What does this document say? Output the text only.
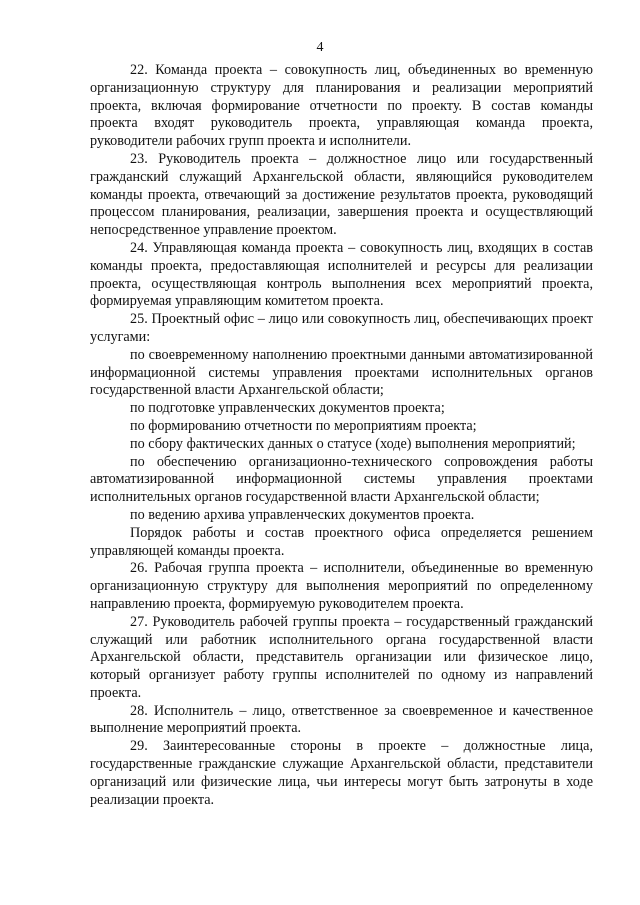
4

22. Команда проекта – совокупность лиц, объединенных во временную организационную структуру для планирования и реализации мероприятий проекта, включая формирование отчетности по проекту. В состав команды проекта входят руководитель проекта, управляющая команда проекта, руководители рабочих групп проекта и исполнители.

23. Руководитель проекта – должностное лицо или государственный гражданский служащий Архангельской области, являющийся руководителем команды проекта, отвечающий за достижение результатов проекта, руководящий процессом планирования, реализации, завершения проекта и осуществляющий непосредственное управление проектом.

24. Управляющая команда проекта – совокупность лиц, входящих в состав команды проекта, предоставляющая исполнителей и ресурсы для реализации проекта, осуществляющая контроль выполнения всех мероприятий проекта, формируемая управляющим комитетом проекта.

25. Проектный офис – лицо или совокупность лиц, обеспечивающих проект услугами:

по своевременному наполнению проектными данными автоматизированной информационной системы управления проектами исполнительных органов государственной власти Архангельской области;

по подготовке управленческих документов проекта;

по формированию отчетности по мероприятиям проекта;

по сбору фактических данных о статусе (ходе) выполнения мероприятий;

по обеспечению организационно-технического сопровождения работы автоматизированной информационной системы управления проектами исполнительных органов государственной власти Архангельской области;

по ведению архива управленческих документов проекта.

Порядок работы и состав проектного офиса определяется решением управляющей команды проекта.

26. Рабочая группа проекта – исполнители, объединенные во временную организационную структуру для выполнения мероприятий по определенному направлению проекта, формируемую руководителем проекта.

27. Руководитель рабочей группы проекта – государственный гражданский служащий или работник исполнительного органа государственной власти Архангельской области, представитель организации или физическое лицо, который организует работу группы исполнителей по одному из направлений проекта.

28. Исполнитель – лицо, ответственное за своевременное и качественное выполнение мероприятий проекта.

29. Заинтересованные стороны в проекте – должностные лица, государственные гражданские служащие Архангельской области, представители организаций или физические лица, чьи интересы могут быть затронуты в ходе реализации проекта.
